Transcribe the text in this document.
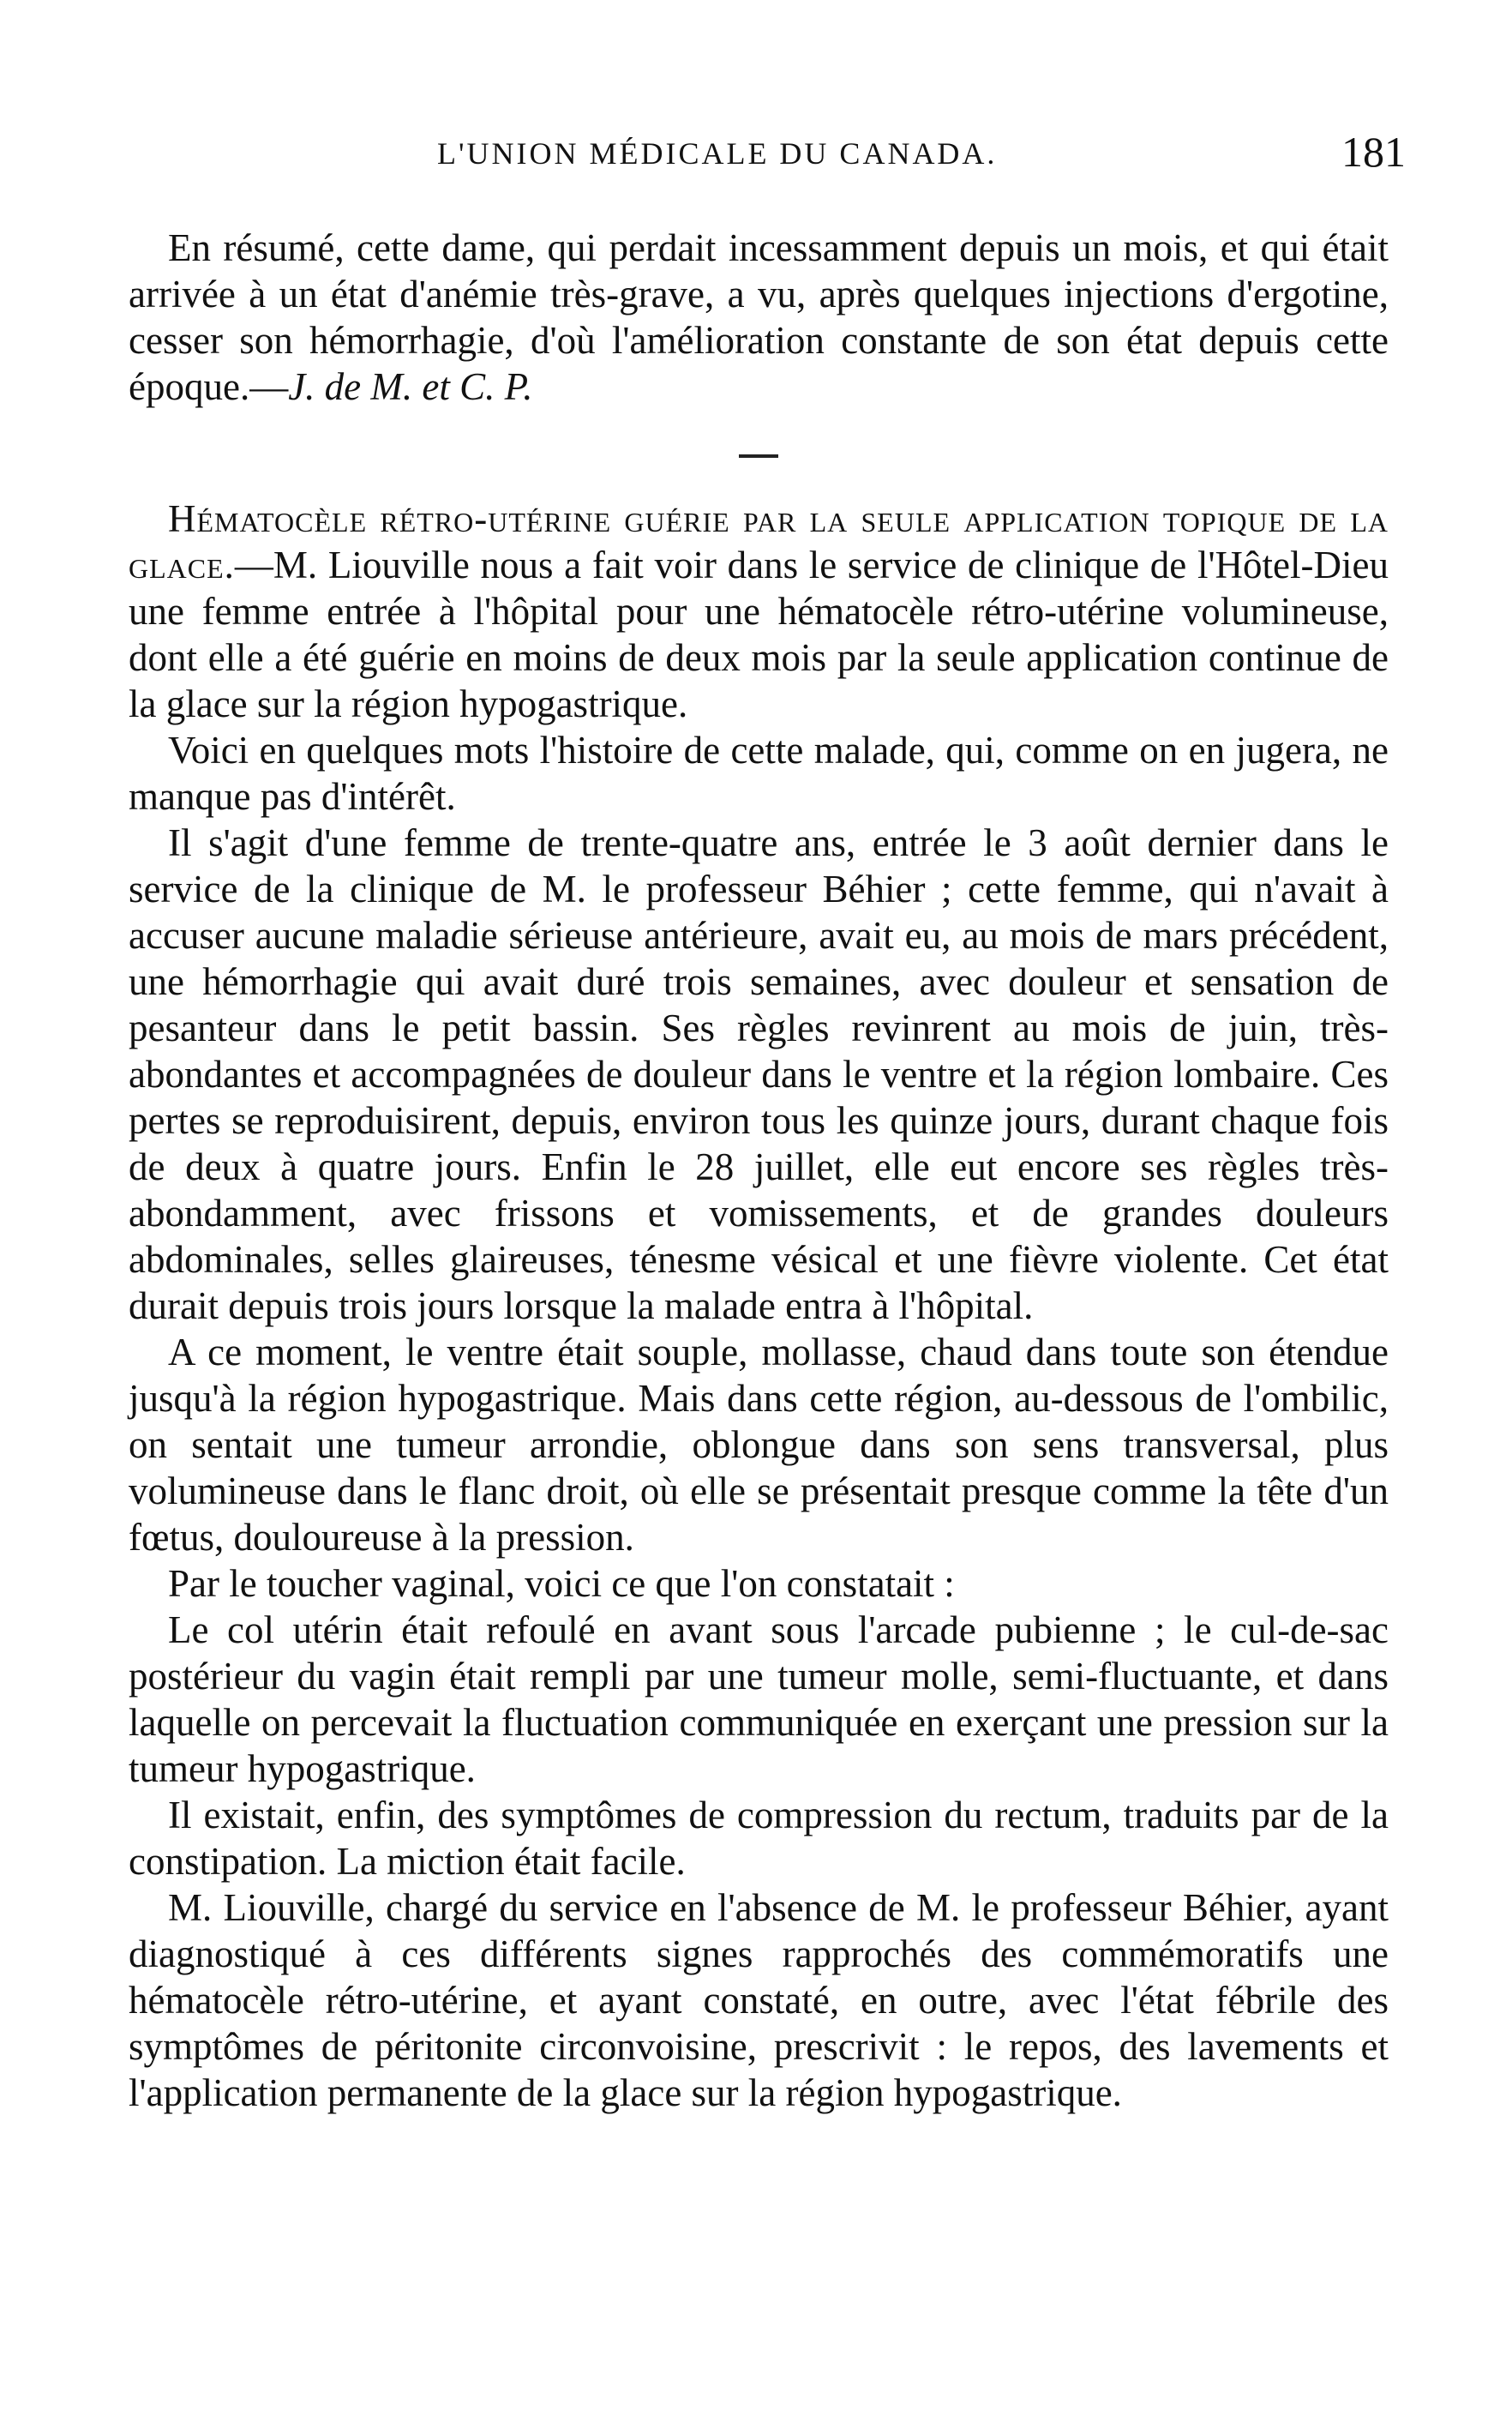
L'UNION MÉDICALE DU CANADA.	181

En résumé, cette dame, qui perdait incessamment depuis un mois, et qui était arrivée à un état d'anémie très-grave, a vu, après quelques injections d'ergotine, cesser son hémorrhagie, d'où l'amélioration constante de son état depuis cette époque.—J. de M. et C. P.

Hématocèle rétro-utérine guérie par la seule application topique de la glace.—M. Liouville nous a fait voir dans le service de clinique de l'Hôtel-Dieu une femme entrée à l'hôpital pour une hématocèle rétro-utérine volumineuse, dont elle a été guérie en moins de deux mois par la seule application continue de la glace sur la région hypogastrique.

Voici en quelques mots l'histoire de cette malade, qui, comme on en jugera, ne manque pas d'intérêt.

Il s'agit d'une femme de trente-quatre ans, entrée le 3 août dernier dans le service de la clinique de M. le professeur Béhier ; cette femme, qui n'avait à accuser aucune maladie sérieuse antérieure, avait eu, au mois de mars précédent, une hémorrhagie qui avait duré trois semaines, avec douleur et sensation de pesanteur dans le petit bassin. Ses règles revinrent au mois de juin, très-abondantes et accompagnées de douleur dans le ventre et la région lombaire. Ces pertes se reproduisirent, depuis, environ tous les quinze jours, durant chaque fois de deux à quatre jours. Enfin le 28 juillet, elle eut encore ses règles très-abondamment, avec frissons et vomissements, et de grandes douleurs abdominales, selles glaireuses, ténesme vésical et une fièvre violente. Cet état durait depuis trois jours lorsque la malade entra à l'hôpital.

A ce moment, le ventre était souple, mollasse, chaud dans toute son étendue jusqu'à la région hypogastrique. Mais dans cette région, au-dessous de l'ombilic, on sentait une tumeur arrondie, oblongue dans son sens transversal, plus volumineuse dans le flanc droit, où elle se présentait presque comme la tête d'un fœtus, douloureuse à la pression.

Par le toucher vaginal, voici ce que l'on constatait :

Le col utérin était refoulé en avant sous l'arcade pubienne ; le cul-de-sac postérieur du vagin était rempli par une tumeur molle, semi-fluctuante, et dans laquelle on percevait la fluctuation communiquée en exerçant une pression sur la tumeur hypogastrique.

Il existait, enfin, des symptômes de compression du rectum, traduits par de la constipation. La miction était facile.

M. Liouville, chargé du service en l'absence de M. le professeur Béhier, ayant diagnostiqué à ces différents signes rapprochés des commémoratifs une hématocèle rétro-utérine, et ayant constaté, en outre, avec l'état fébrile des symptômes de péritonite circonvoisine, prescrivit : le repos, des lavements et l'application permanente de la glace sur la région hypogastrique.
